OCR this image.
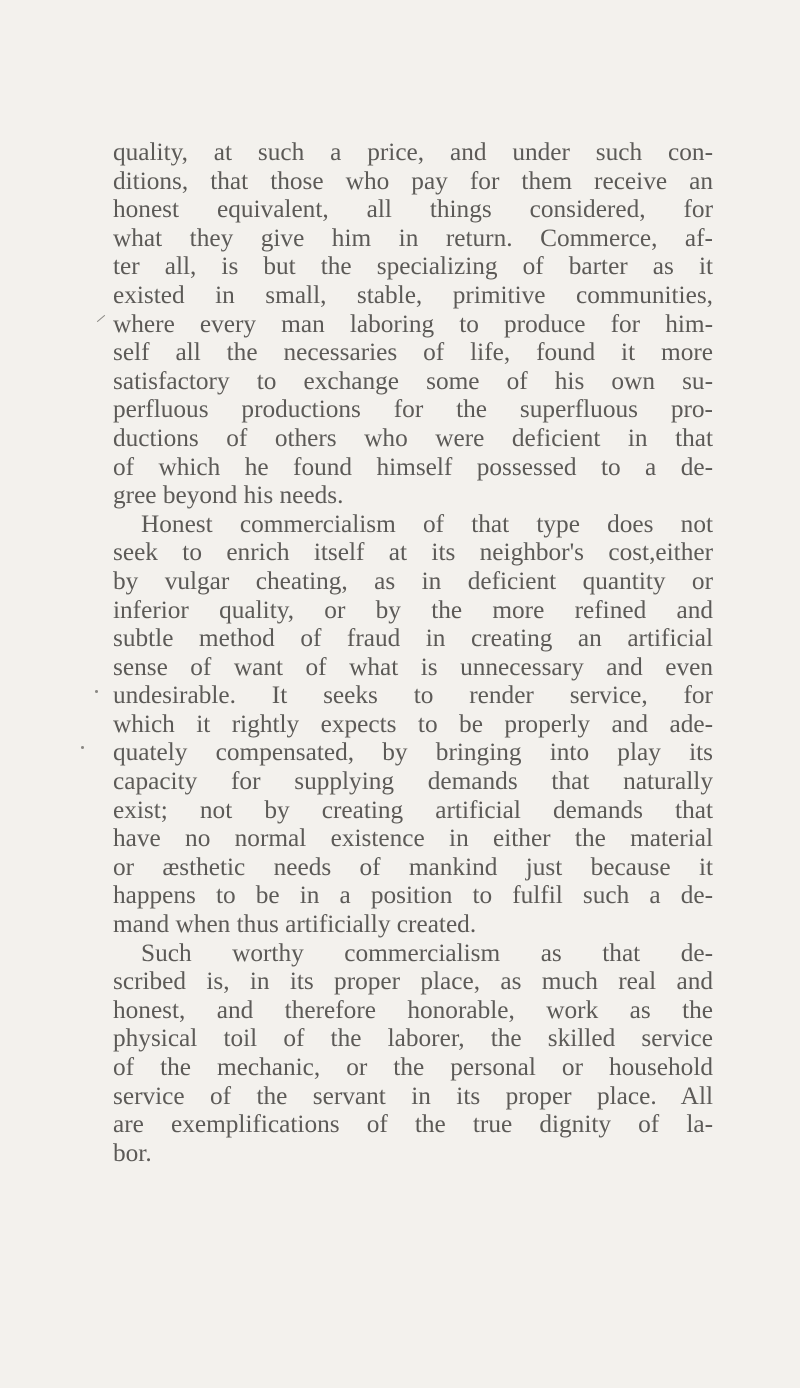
quality, at such a price, and under such con-
ditions, that those who pay for them receive an
honest equivalent, all things considered, for
what they give him in return. Commerce, af-
ter all, is but the specializing of barter as it
existed in small, stable, primitive communities,
where every man laboring to produce for him-
self all the necessaries of life, found it more
satisfactory to exchange some of his own su-
perfluous productions for the superfluous pro-
ductions of others who were deficient in that
of which he found himself possessed to a de-
gree beyond his needs.
Honest commercialism of that type does not
seek to enrich itself at its neighbor's cost,either
by vulgar cheating, as in deficient quantity or
inferior quality, or by the more refined and
subtle method of fraud in creating an artificial
sense of want of what is unnecessary and even
undesirable. It seeks to render service, for
which it rightly expects to be properly and ade-
quately compensated, by bringing into play its
capacity for supplying demands that naturally
exist; not by creating artificial demands that
have no normal existence in either the material
or æsthetic needs of mankind just because it
happens to be in a position to fulfil such a de-
mand when thus artificially created.
Such worthy commercialism as that de-
scribed is, in its proper place, as much real and
honest, and therefore honorable, work as the
physical toil of the laborer, the skilled service
of the mechanic, or the personal or household
service of the servant in its proper place. All
are exemplifications of the true dignity of la-
bor.
